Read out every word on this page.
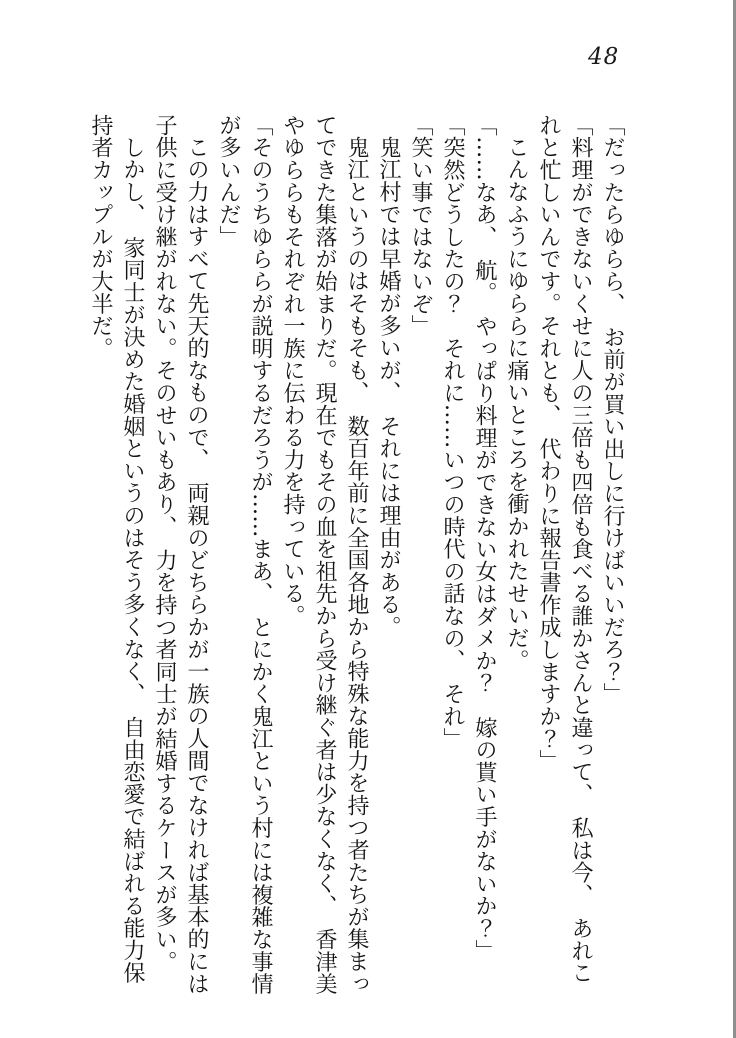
48

「だったらゆらら、　お前が買い出しに行けばいいだろ？」

「料理ができないくせに人の三倍も四倍も食べる誰かさんと違って、　私は今、　あれこれと忙しいんです。それとも、　代わりに報告書作成しますか？」

こんなふうにゆららに痛いところを衝かれたせいだ。

「……なあ、　航。　やっぱり料理ができない女はダメか？　嫁の貰い手がないか？」

「突然どうしたの？　それに……いつの時代の話なの、　それ」

「笑い事ではないぞ」

鬼江村では早婚が多いが、　それには理由がある。

鬼江というのはそもそも、　数百年前に全国各地から特殊な能力を持つ者たちが集まってできた集落が始まりだ。現在でもその血を祖先から受け継ぐ者は少なくなく、　香津美やゆららもそれぞれ一族に伝わる力を持っている。

「そのうちゆららが説明するだろうが……まあ、　とにかく鬼江という村には複雑な事情が多いんだ」

この力はすべて先天的なもので、　両親のどちらかが一族の人間でなければ基本的には子供に受け継がれない。そのせいもあり、　力を持つ者同士が結婚するケースが多い。

しかし、　家同士が決めた婚姻というのはそう多くなく、　自由恋愛で結ばれる能力保持者カップルが大半だ。
